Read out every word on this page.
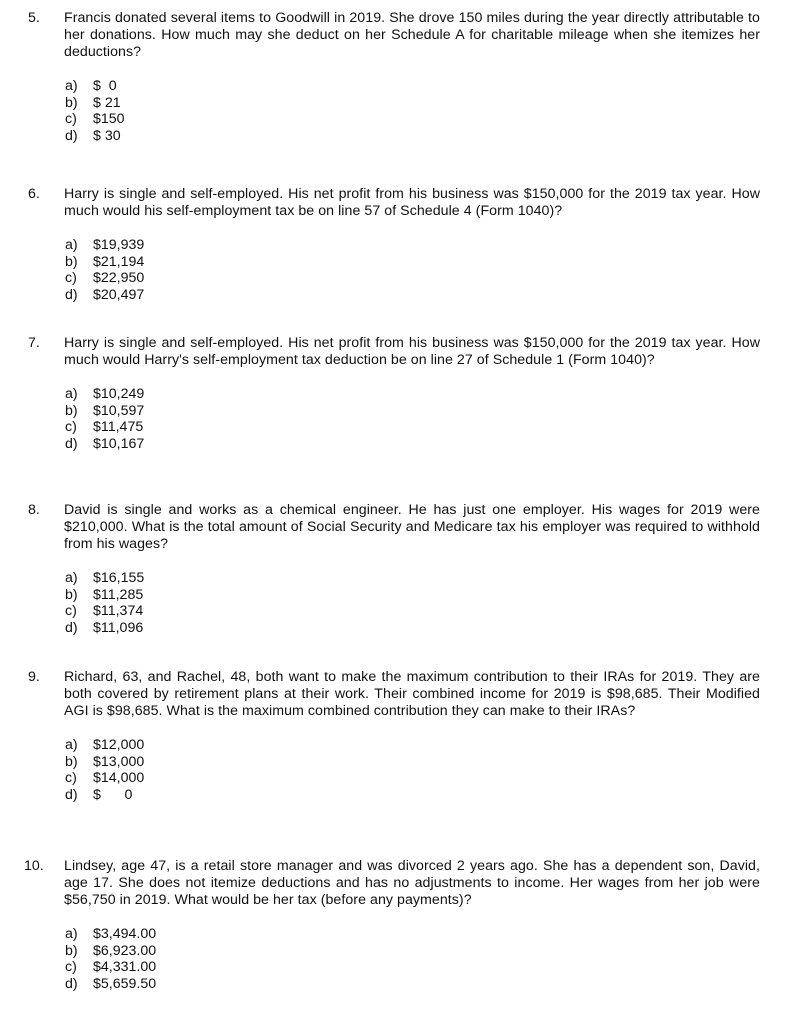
5. Francis donated several items to Goodwill in 2019. She drove 150 miles during the year directly attributable to her donations. How much may she deduct on her Schedule A for charitable mileage when she itemizes her deductions?
a)	$  0
b)	$ 21
c)	$150
d)	$ 30
6. Harry is single and self-employed. His net profit from his business was $150,000 for the 2019 tax year. How much would his self-employment tax be on line 57 of Schedule 4 (Form 1040)?
a)	$19,939
b)	$21,194
c)	$22,950
d)	$20,497
7. Harry is single and self-employed. His net profit from his business was $150,000 for the 2019 tax year. How much would Harry's self-employment tax deduction be on line 27 of Schedule 1 (Form 1040)?
a)	$10,249
b)	$10,597
c)	$11,475
d)	$10,167
8. David is single and works as a chemical engineer. He has just one employer. His wages for 2019 were $210,000. What is the total amount of Social Security and Medicare tax his employer was required to withhold from his wages?
a)	$16,155
b)	$11,285
c)	$11,374
d)	$11,096
9. Richard, 63, and Rachel, 48, both want to make the maximum contribution to their IRAs for 2019. They are both covered by retirement plans at their work. Their combined income for 2019 is $98,685. Their Modified AGI is $98,685. What is the maximum combined contribution they can make to their IRAs?
a)	$12,000
b)	$13,000
c)	$14,000
d)	$      0
10. Lindsey, age 47, is a retail store manager and was divorced 2 years ago. She has a dependent son, David, age 17. She does not itemize deductions and has no adjustments to income. Her wages from her job were $56,750 in 2019. What would be her tax (before any payments)?
a)	$3,494.00
b)	$6,923.00
c)	$4,331.00
d)	$5,659.50
